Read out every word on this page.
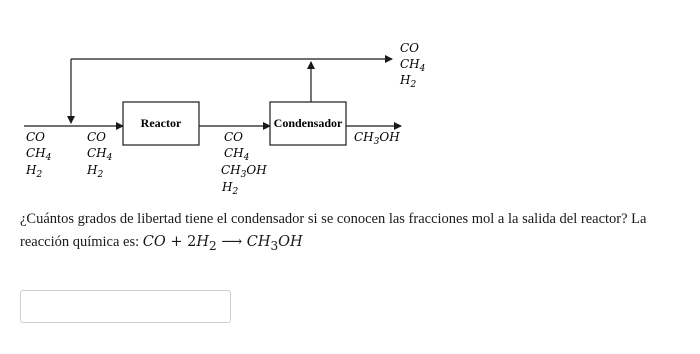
Reactor	Condensador
CO
$CH_4$
$H_2$
CO
$CH_4$
$H_2$
CO
$CH_4$
$CH_3OH$
$H_2$
CO
$CH_4$
$H_2$
$CH_3OH$
¿Cuántos grados de libertad tiene el condensador si se conocen las fracciones mol a la salida del reactor? La
reacción química es: CO + $2H_2$ ⟶ $CH_3OH$
